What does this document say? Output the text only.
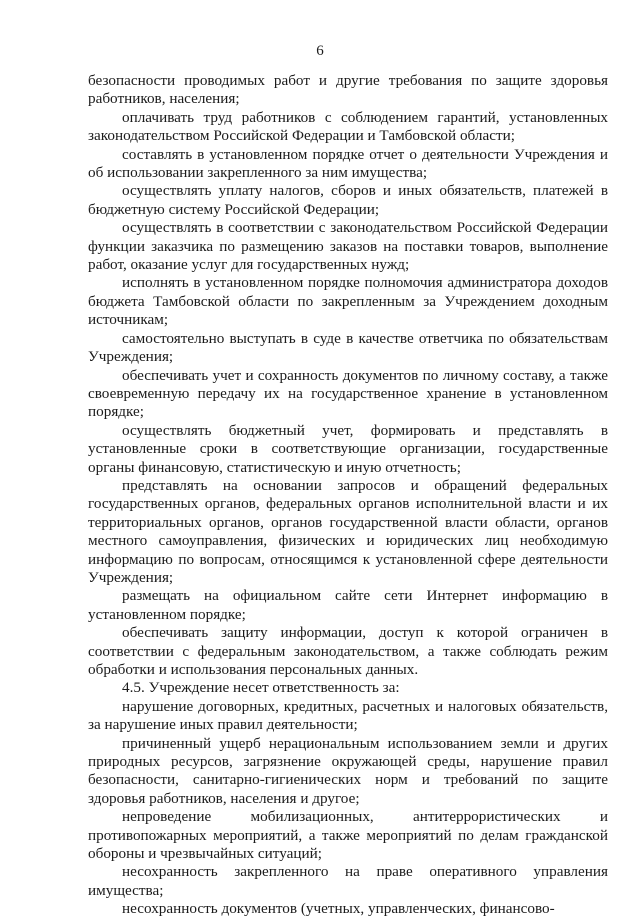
6

безопасности проводимых работ и другие требования по защите здоровья работников, населения;

оплачивать труд работников с соблюдением гарантий, установленных законодательством Российской Федерации и Тамбовской области;

составлять в установленном порядке отчет о деятельности Учреждения и об использовании закрепленного за ним имущества;

осуществлять уплату налогов, сборов и иных обязательств, платежей в бюджетную систему Российской Федерации;

осуществлять в соответствии с законодательством Российской Федерации функции заказчика по размещению заказов на поставки товаров, выполнение работ, оказание услуг для государственных нужд;

исполнять в установленном порядке полномочия администратора доходов бюджета Тамбовской области по закрепленным за Учреждением доходным источникам;

самостоятельно выступать в суде в качестве ответчика по обязательствам Учреждения;

обеспечивать учет и сохранность документов по личному составу, а также своевременную передачу их на государственное хранение в установленном порядке;

осуществлять бюджетный учет, формировать и представлять в установленные сроки в соответствующие организации, государственные органы финансовую, статистическую и иную отчетность;

представлять на основании запросов и обращений федеральных государственных органов, федеральных органов исполнительной власти и их территориальных органов, органов государственной власти области, органов местного самоуправления, физических и юридических лиц необходимую информацию по вопросам, относящимся к установленной сфере деятельности Учреждения;

размещать на официальном сайте сети Интернет информацию в установленном порядке;

обеспечивать защиту информации, доступ к которой ограничен в соответствии с федеральным законодательством, а также соблюдать режим обработки и использования персональных данных.

4.5. Учреждение несет ответственность за:

нарушение договорных, кредитных, расчетных и налоговых обязательств, за нарушение иных правил деятельности;

причиненный ущерб нерациональным использованием земли и других природных ресурсов, загрязнение окружающей среды, нарушение правил безопасности, санитарно-гигиенических норм и требований по защите здоровья работников, населения и другое;

непроведение мобилизационных, антитеррористических и противопожарных мероприятий, а также мероприятий по делам гражданской обороны и чрезвычайных ситуаций;

несохранность закрепленного на праве оперативного управления имущества;

несохранность документов (учетных, управленческих, финансово-
